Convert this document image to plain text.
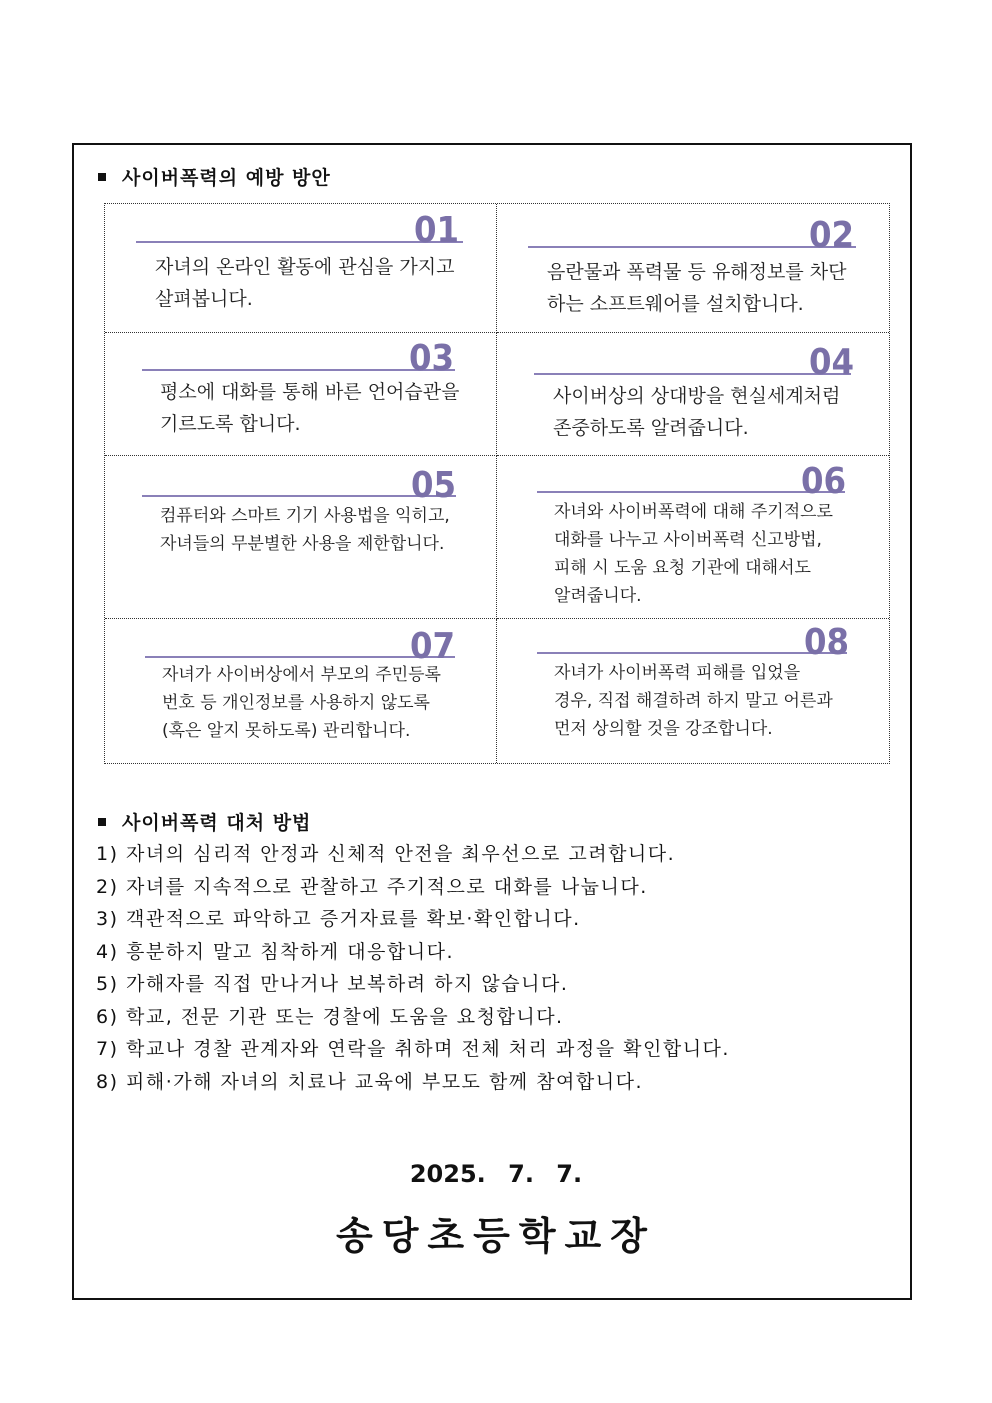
사이버폭력의 예방 방안
01
자녀의 온라인 활동에 관심을 가지고
살펴봅니다.
02
음란물과 폭력물 등 유해정보를 차단
하는 소프트웨어를 설치합니다.
03
평소에 대화를 통해 바른 언어습관을
기르도록 합니다.
04
사이버상의 상대방을 현실세계처럼
존중하도록 알려줍니다.
05
컴퓨터와 스마트 기기 사용법을 익히고,
자녀들의 무분별한 사용을 제한합니다.
06
자녀와 사이버폭력에 대해 주기적으로
대화를 나누고 사이버폭력 신고방법,
피해 시 도움 요청 기관에 대해서도
알려줍니다.
07
자녀가 사이버상에서 부모의 주민등록
번호 등 개인정보를 사용하지 않도록
(혹은 알지 못하도록) 관리합니다.
08
자녀가 사이버폭력 피해를 입었을
경우, 직접 해결하려 하지 말고 어른과
먼저 상의할 것을 강조합니다.
사이버폭력 대처 방법
1) 자녀의 심리적 안정과 신체적 안전을 최우선으로 고려합니다.
2) 자녀를 지속적으로 관찰하고 주기적으로 대화를 나눕니다.
3) 객관적으로 파악하고 증거자료를 확보·확인합니다.
4) 흥분하지 말고 침착하게 대응합니다.
5) 가해자를 직접 만나거나 보복하려 하지 않습니다.
6) 학교, 전문 기관 또는 경찰에 도움을 요청합니다.
7) 학교나 경찰 관계자와 연락을 취하며 전체 처리 과정을 확인합니다.
8) 피해·가해 자녀의 치료나 교육에 부모도 함께 참여합니다.
2025. 7. 7.
송당초등학교장
